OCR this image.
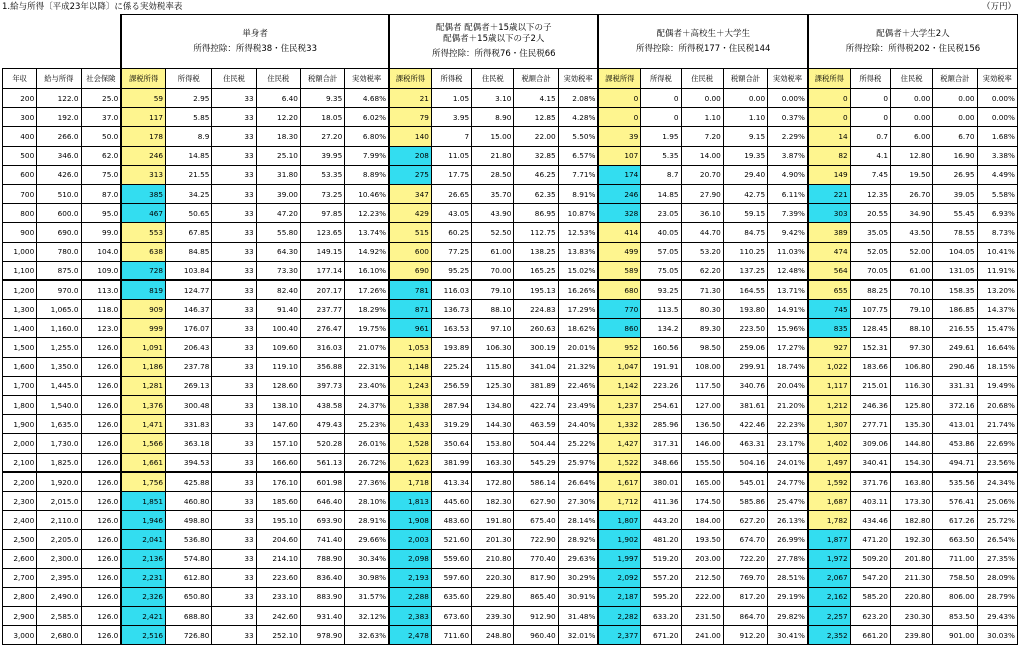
1.給与所得〔平成23年以降〕に係る実効税率表	（万円）

			単身者
所得控除：所得税38・住民税33						配偶者 配偶者＋15歳以下の子
配偶者＋15歳以下の子2人
所得控除：所得税76・住民税66					配偶者＋高校生＋大学生
所得控除：所得税177・住民税144					配偶者＋大学生2人
所得控除：所得税202・住民税156				

年収	給与所得	社会保険	課税所得	所得税	住民税	住民税	税額合計	実効税率	課税所得	所得税	住民税	税額合計	実効税率	課税所得	所得税	住民税	税額合計	実効税率	課税所得	所得税	住民税	税額合計	実効税率
200	122.0	25.0	59	2.95	33	6.40	9.35	4.68%	21	1.05	3.10	4.15	2.08%	0	0	0.00	0.00	0.00%	0	0	0.00	0.00	0.00%
300	192.0	37.0	117	5.85	33	12.20	18.05	6.02%	79	3.95	8.90	12.85	4.28%	0	0	1.10	1.10	0.37%	0	0	0.00	0.00	0.00%
400	266.0	50.0	178	8.9	33	18.30	27.20	6.80%	140	7	15.00	22.00	5.50%	39	1.95	7.20	9.15	2.29%	14	0.7	6.00	6.70	1.68%
500	346.0	62.0	246	14.85	33	25.10	39.95	7.99%	208	11.05	21.80	32.85	6.57%	107	5.35	14.00	19.35	3.87%	82	4.1	12.80	16.90	3.38%
600	426.0	75.0	313	21.55	33	31.80	53.35	8.89%	275	17.75	28.50	46.25	7.71%	174	8.7	20.70	29.40	4.90%	149	7.45	19.50	26.95	4.49%
700	510.0	87.0	385	34.25	33	39.00	73.25	10.46%	347	26.65	35.70	62.35	8.91%	246	14.85	27.90	42.75	6.11%	221	12.35	26.70	39.05	5.58%
800	600.0	95.0	467	50.65	33	47.20	97.85	12.23%	429	43.05	43.90	86.95	10.87%	328	23.05	36.10	59.15	7.39%	303	20.55	34.90	55.45	6.93%
900	690.0	99.0	553	67.85	33	55.80	123.65	13.74%	515	60.25	52.50	112.75	12.53%	414	40.05	44.70	84.75	9.42%	389	35.05	43.50	78.55	8.73%
1,000	780.0	104.0	638	84.85	33	64.30	149.15	14.92%	600	77.25	61.00	138.25	13.83%	499	57.05	53.20	110.25	11.03%	474	52.05	52.00	104.05	10.41%
1,100	875.0	109.0	728	103.84	33	73.30	177.14	16.10%	690	95.25	70.00	165.25	15.02%	589	75.05	62.20	137.25	12.48%	564	70.05	61.00	131.05	11.91%
1,200	970.0	113.0	819	124.77	33	82.40	207.17	17.26%	781	116.03	79.10	195.13	16.26%	680	93.25	71.30	164.55	13.71%	655	88.25	70.10	158.35	13.20%
1,300	1,065.0	118.0	909	146.37	33	91.40	237.77	18.29%	871	136.73	88.10	224.83	17.29%	770	113.5	80.30	193.80	14.91%	745	107.75	79.10	186.85	14.37%
1,400	1,160.0	123.0	999	176.07	33	100.40	276.47	19.75%	961	163.53	97.10	260.63	18.62%	860	134.2	89.30	223.50	15.96%	835	128.45	88.10	216.55	15.47%
1,500	1,255.0	126.0	1,091	206.43	33	109.60	316.03	21.07%	1,053	193.89	106.30	300.19	20.01%	952	160.56	98.50	259.06	17.27%	927	152.31	97.30	249.61	16.64%
1,600	1,350.0	126.0	1,186	237.78	33	119.10	356.88	22.31%	1,148	225.24	115.80	341.04	21.32%	1,047	191.91	108.00	299.91	18.74%	1,022	183.66	106.80	290.46	18.15%
1,700	1,445.0	126.0	1,281	269.13	33	128.60	397.73	23.40%	1,243	256.59	125.30	381.89	22.46%	1,142	223.26	117.50	340.76	20.04%	1,117	215.01	116.30	331.31	19.49%
1,800	1,540.0	126.0	1,376	300.48	33	138.10	438.58	24.37%	1,338	287.94	134.80	422.74	23.49%	1,237	254.61	127.00	381.61	21.20%	1,212	246.36	125.80	372.16	20.68%
1,900	1,635.0	126.0	1,471	331.83	33	147.60	479.43	25.23%	1,433	319.29	144.30	463.59	24.40%	1,332	285.96	136.50	422.46	22.23%	1,307	277.71	135.30	413.01	21.74%
2,000	1,730.0	126.0	1,566	363.18	33	157.10	520.28	26.01%	1,528	350.64	153.80	504.44	25.22%	1,427	317.31	146.00	463.31	23.17%	1,402	309.06	144.80	453.86	22.69%
2,100	1,825.0	126.0	1,661	394.53	33	166.60	561.13	26.72%	1,623	381.99	163.30	545.29	25.97%	1,522	348.66	155.50	504.16	24.01%	1,497	340.41	154.30	494.71	23.56%
2,200	1,920.0	126.0	1,756	425.88	33	176.10	601.98	27.36%	1,718	413.34	172.80	586.14	26.64%	1,617	380.01	165.00	545.01	24.77%	1,592	371.76	163.80	535.56	24.34%
2,300	2,015.0	126.0	1,851	460.80	33	185.60	646.40	28.10%	1,813	445.60	182.30	627.90	27.30%	1,712	411.36	174.50	585.86	25.47%	1,687	403.11	173.30	576.41	25.06%
2,400	2,110.0	126.0	1,946	498.80	33	195.10	693.90	28.91%	1,908	483.60	191.80	675.40	28.14%	1,807	443.20	184.00	627.20	26.13%	1,782	434.46	182.80	617.26	25.72%
2,500	2,205.0	126.0	2,041	536.80	33	204.60	741.40	29.66%	2,003	521.60	201.30	722.90	28.92%	1,902	481.20	193.50	674.70	26.99%	1,877	471.20	192.30	663.50	26.54%
2,600	2,300.0	126.0	2,136	574.80	33	214.10	788.90	30.34%	2,098	559.60	210.80	770.40	29.63%	1,997	519.20	203.00	722.20	27.78%	1,972	509.20	201.80	711.00	27.35%
2,700	2,395.0	126.0	2,231	612.80	33	223.60	836.40	30.98%	2,193	597.60	220.30	817.90	30.29%	2,092	557.20	212.50	769.70	28.51%	2,067	547.20	211.30	758.50	28.09%
2,800	2,490.0	126.0	2,326	650.80	33	233.10	883.90	31.57%	2,288	635.60	229.80	865.40	30.91%	2,187	595.20	222.00	817.20	29.19%	2,162	585.20	220.80	806.00	28.79%
2,900	2,585.0	126.0	2,421	688.80	33	242.60	931.40	32.12%	2,383	673.60	239.30	912.90	31.48%	2,282	633.20	231.50	864.70	29.82%	2,257	623.20	230.30	853.50	29.43%
3,000	2,680.0	126.0	2,516	726.80	33	252.10	978.90	32.63%	2,478	711.60	248.80	960.40	32.01%	2,377	671.20	241.00	912.20	30.41%	2,352	661.20	239.80	901.00	30.03%
